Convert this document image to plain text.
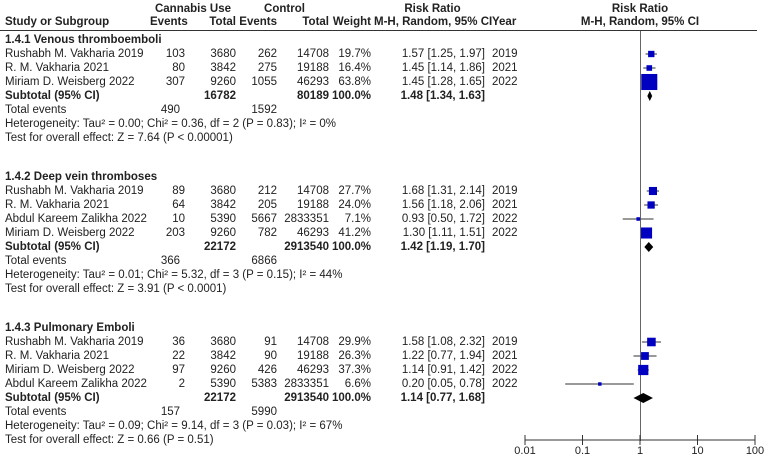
Cannabis Use	Control	Risk Ratio	Risk Ratio
Study or Subgroup	Events	Total Events	Total Weight M-H, Random, 95% CI Year	M-H, Random, 95% CI
1.4.1 Venous thromboemboli
Rushabh M. Vakharia 2019	103	3680	262	14708 19.7%	1.57 [1.25, 1.97] 2019
R. M. Vakharia 2021	80	3842	275	19188 16.4%	1.45 [1.14, 1.86] 2021
Miriam D. Weisberg 2022	307	9260	1055	46293 63.8%	1.45 [1.28, 1.65] 2022
Subtotal (95% CI)	16782	80189 100.0%	1.48 [1.34, 1.63]
Total events	490	1592
Heterogeneity: Tau² = 0.00; Chi² = 0.36, df = 2 (P = 0.83); I² = 0%
Test for overall effect: Z = 7.64 (P < 0.00001)
1.4.2 Deep vein thromboses
Rushabh M. Vakharia 2019	89	3680	212	14708 27.7%	1.68 [1.31, 2.14] 2019
R. M. Vakharia 2021	64	3842	205	19188 24.0%	1.56 [1.18, 2.06] 2021
Abdul Kareem Zalikha 2022	10	5390	5667 2833351	7.1%	0.93 [0.50, 1.72] 2022
Miriam D. Weisberg 2022	203	9260	782	46293 41.2%	1.30 [1.11, 1.51] 2022
Subtotal (95% CI)	22172	2913540 100.0%	1.42 [1.19, 1.70]
Total events	366	6866
Heterogeneity: Tau² = 0.01; Chi² = 5.32, df = 3 (P = 0.15); I² = 44%
Test for overall effect: Z = 3.91 (P < 0.0001)
1.4.3 Pulmonary Emboli
Rushabh M. Vakharia 2019	36	3680	91	14708 29.9%	1.58 [1.08, 2.32] 2019
R. M. Vakharia 2021	22	3842	90	19188 26.3%	1.22 [0.77, 1.94] 2021
Miriam D. Weisberg 2022	97	9260	426	46293 37.3%	1.14 [0.91, 1.42] 2022
Abdul Kareem Zalikha 2022	2	5390	5383 2833351	6.6%	0.20 [0.05, 0.78] 2022
Subtotal (95% CI)	22172	2913540 100.0%	1.14 [0.77, 1.68]
Total events	157	5990
Heterogeneity: Tau² = 0.09; Chi² = 9.14, df = 3 (P = 0.03); I² = 67%
Test for overall effect: Z = 0.66 (P = 0.51)
0.01	0.1	1	10	100
